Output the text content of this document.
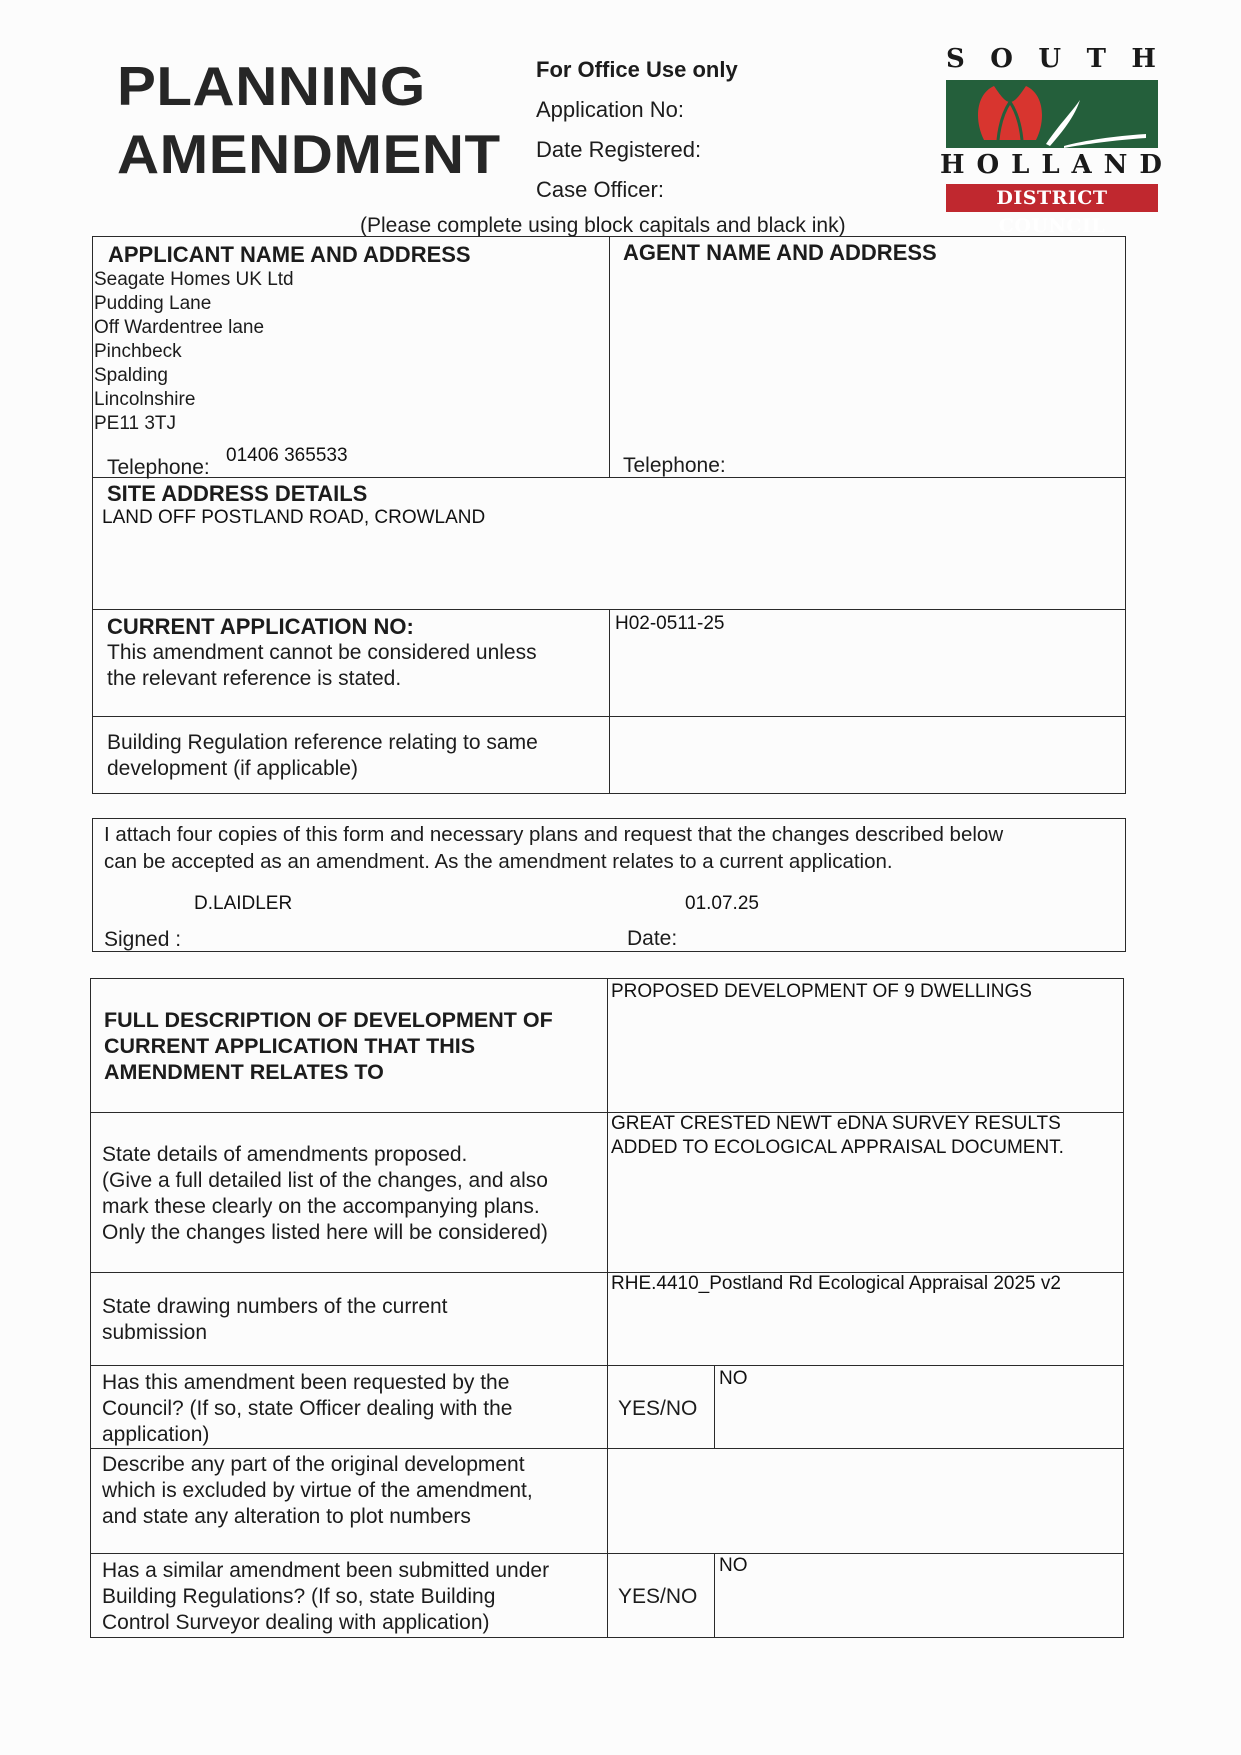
PLANNING
AMENDMENT
For Office Use only
Application No:
Date Registered:
Case Officer:
S O U T H
H O L L A N D
DISTRICT COUNCIL
(Please complete using block capitals and black ink)
APPLICANT NAME AND ADDRESS
Seagate Homes UK Ltd
Pudding Lane
Off Wardentree lane
Pinchbeck
Spalding
Lincolnshire
PE11 3TJ
Telephone:
01406 365533
AGENT NAME AND ADDRESS
Telephone:
SITE ADDRESS DETAILS
LAND OFF POSTLAND ROAD, CROWLAND
CURRENT APPLICATION NO:
This amendment cannot be considered unless
the relevant reference is stated.
H02-0511-25
Building Regulation reference relating to same
development (if applicable)
I attach four copies of this form and necessary plans and request that the changes described below
can be accepted as an amendment. As the amendment relates to a current application.
D.LAIDLER	01.07.25
Signed :	Date:
FULL DESCRIPTION OF DEVELOPMENT OF
CURRENT APPLICATION THAT THIS
AMENDMENT RELATES TO
PROPOSED DEVELOPMENT OF 9 DWELLINGS
State details of amendments proposed.
(Give a full detailed list of the changes, and also
mark these clearly on the accompanying plans.
Only the changes listed here will be considered)
GREAT CRESTED NEWT eDNA SURVEY RESULTS
ADDED TO ECOLOGICAL APPRAISAL DOCUMENT.
State drawing numbers of the current
submission
RHE.4410_Postland Rd Ecological Appraisal 2025 v2
Has this amendment been requested by the
Council? (If so, state Officer dealing with the
application)
YES/NO
NO
Describe any part of the original development
which is excluded by virtue of the amendment,
and state any alteration to plot numbers
Has a similar amendment been submitted under
Building Regulations? (If so, state Building
Control Surveyor dealing with application)
YES/NO
NO
